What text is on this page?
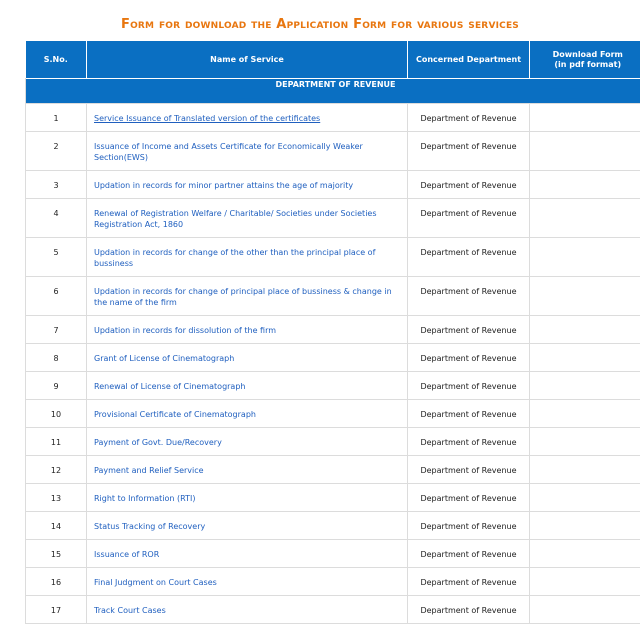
Form for download the Application Form for various services
S.No.	Name of Service	Concerned Department	Download Form
(in pdf format)
DEPARTMENT OF REVENUE			
1	Service Issuance of Translated version of the certificates	Department of Revenue	
2	Issuance of Income and Assets Certificate for Economically Weaker Section(EWS)	Department of Revenue	
3	Updation in records for minor partner attains the age of majority	Department of Revenue	
4	Renewal of Registration Welfare / Charitable/ Societies under Societies Registration Act, 1860	Department of Revenue	
5	Updation in records for change of the other than the principal place of bussiness	Department of Revenue	
6	Updation in records for change of principal place of bussiness & change in the name of the firm	Department of Revenue	
7	Updation in records for dissolution of the firm	Department of Revenue	
8	Grant of License of Cinematograph	Department of Revenue	
9	Renewal of License of Cinematograph	Department of Revenue	
10	Provisional Certificate of Cinematograph	Department of Revenue	
11	Payment of Govt. Due/Recovery	Department of Revenue	
12	Payment and Relief Service	Department of Revenue	
13	Right to Information (RTI)	Department of Revenue	
14	Status Tracking of Recovery	Department of Revenue	
15	Issuance of ROR	Department of Revenue	
16	Final Judgment on Court Cases	Department of Revenue	
17	Track Court Cases	Department of Revenue	
